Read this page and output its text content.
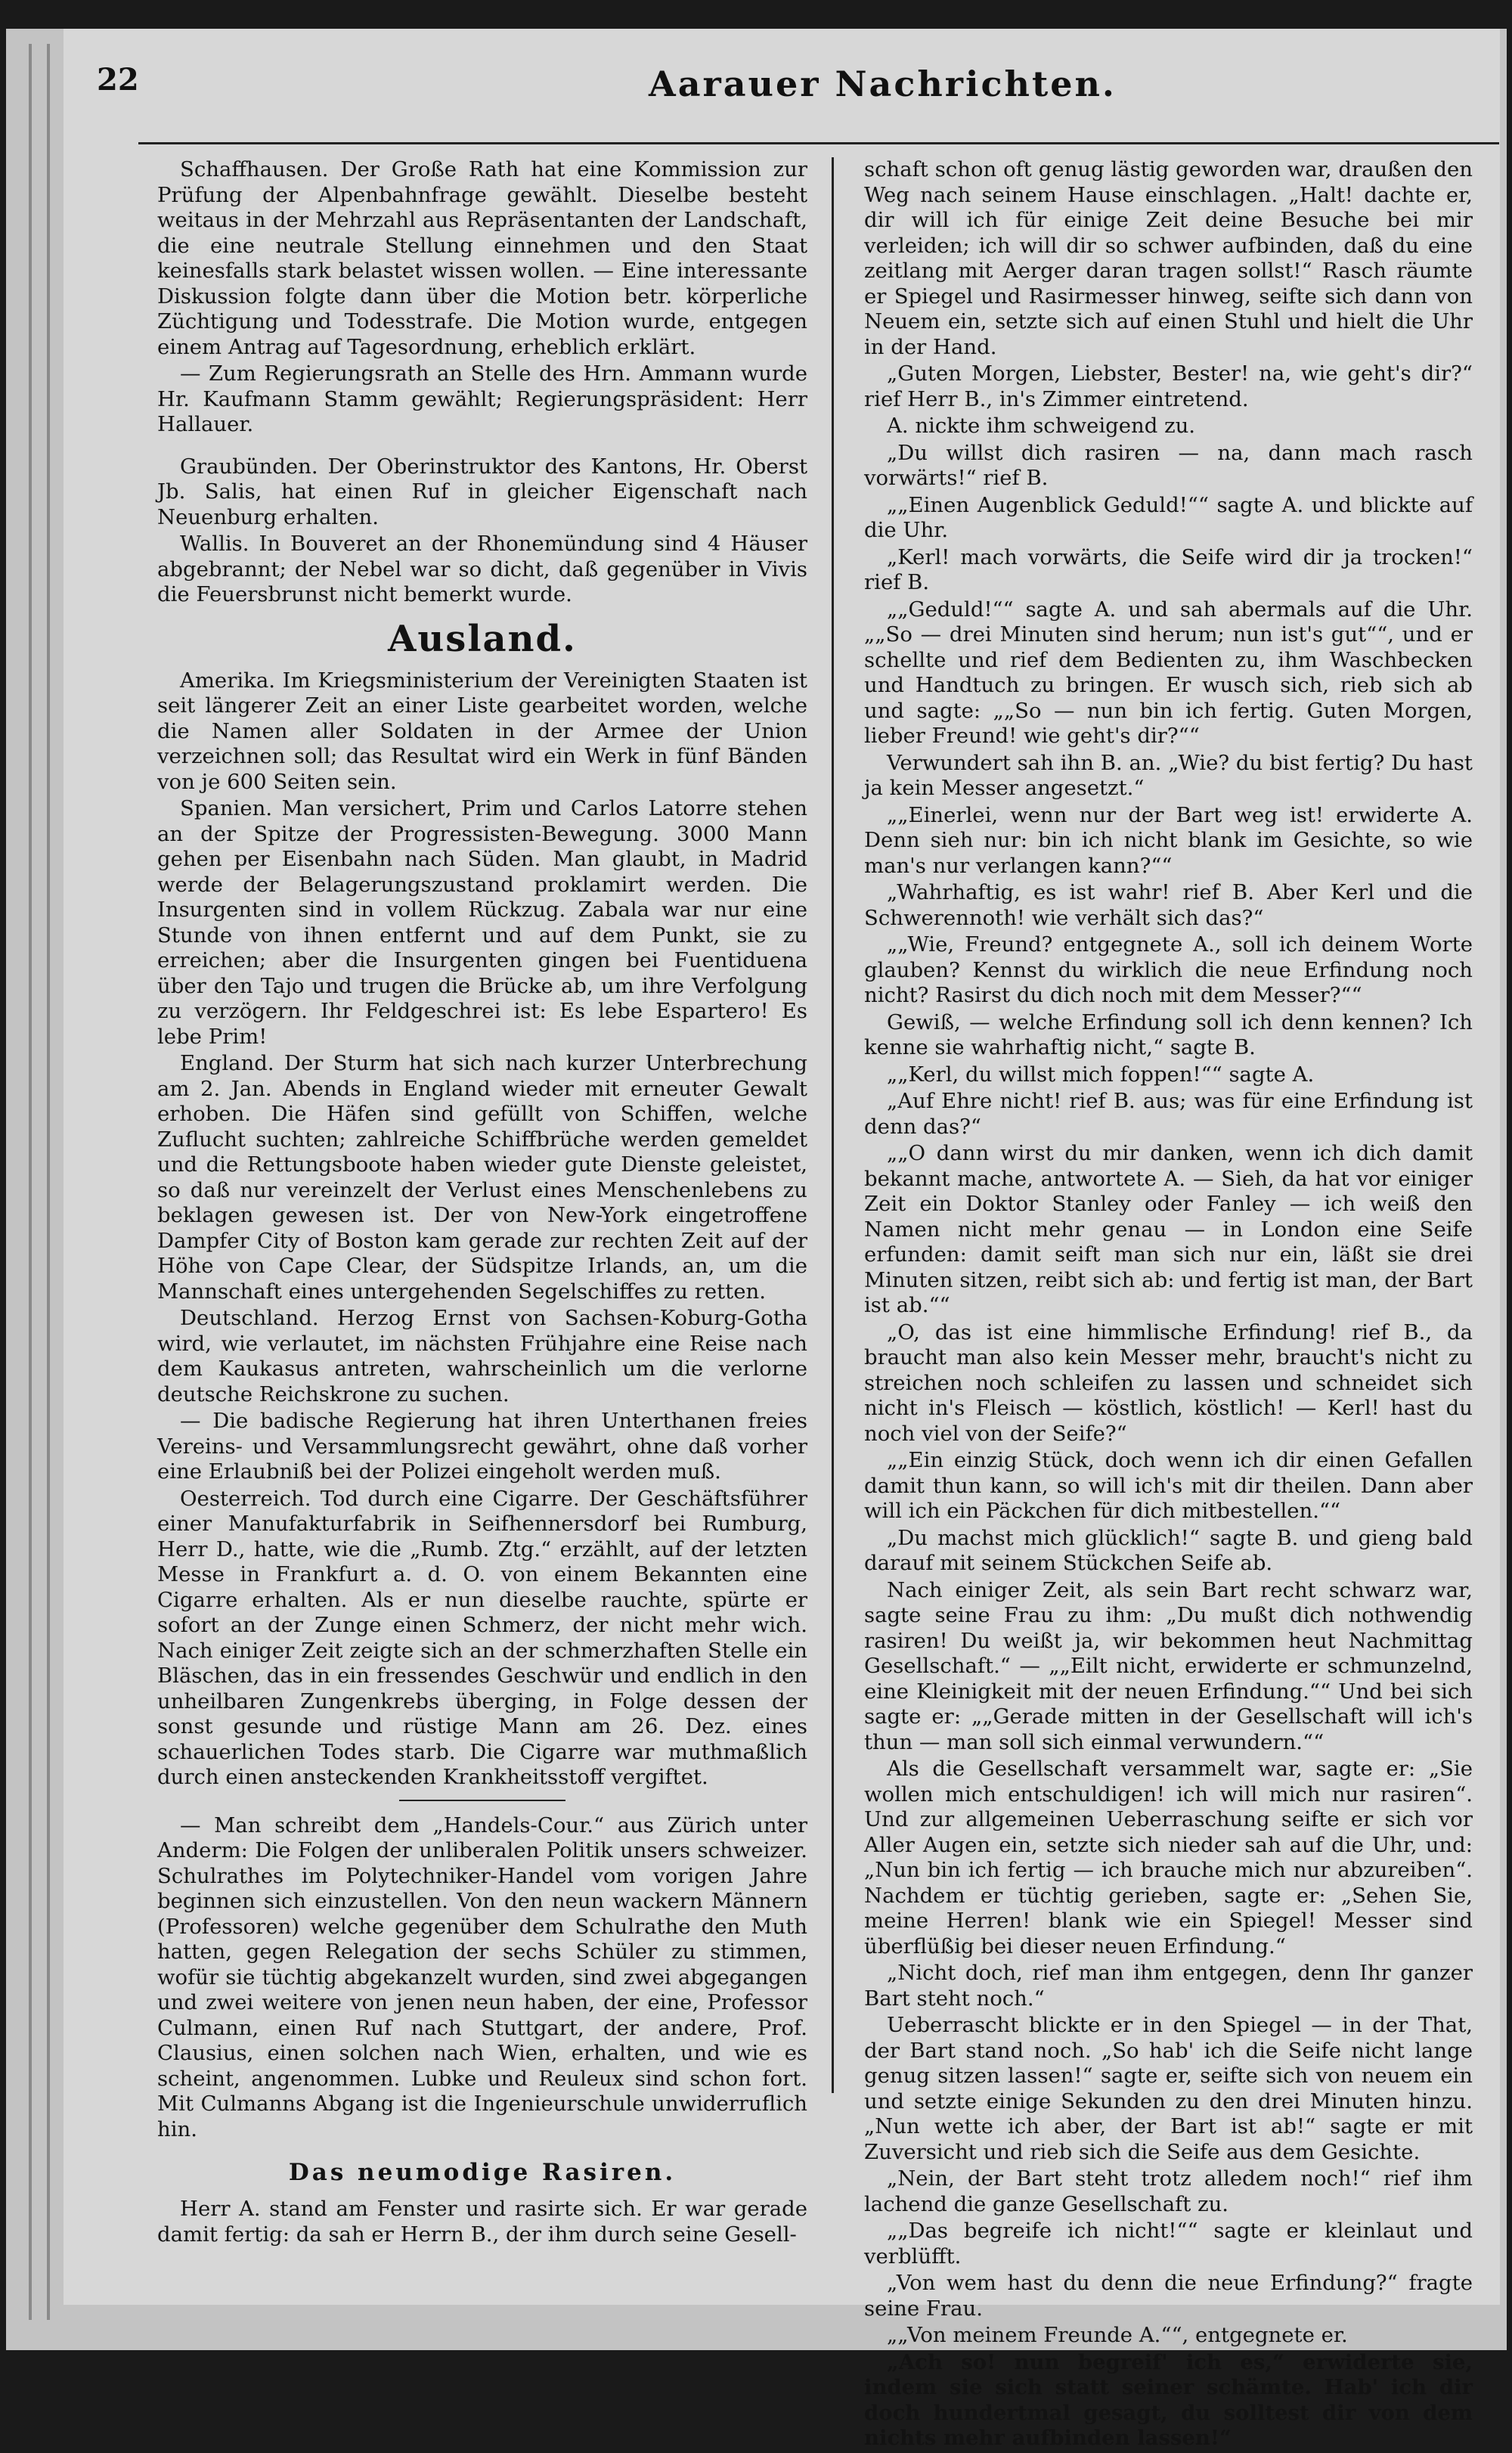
22	Aarauer Nachrichten.

Schaffhausen. Der Große Rath hat eine Kommission zur Prüfung der Alpenbahnfrage gewählt. Dieselbe besteht weitaus in der Mehrzahl aus Repräsentanten der Landschaft, die eine neutrale Stellung einnehmen und den Staat keinesfalls stark belastet wissen wollen. — Eine interessante Diskussion folgte dann über die Motion betr. körperliche Züchtigung und Todesstrafe. Die Motion wurde, entgegen einem Antrag auf Tagesordnung, erheblich erklärt.

— Zum Regierungsrath an Stelle des Hrn. Ammann wurde Hr. Kaufmann Stamm gewählt; Regierungspräsident: Herr Hallauer.

Graubünden. Der Oberinstruktor des Kantons, Hr. Oberst Jb. Salis, hat einen Ruf in gleicher Eigenschaft nach Neuenburg erhalten.

Wallis. In Bouveret an der Rhonemündung sind 4 Häuser abgebrannt; der Nebel war so dicht, daß gegenüber in Vivis die Feuersbrunst nicht bemerkt wurde.

Ausland.

Amerika. Im Kriegsministerium der Vereinigten Staaten ist seit längerer Zeit an einer Liste gearbeitet worden, welche die Namen aller Soldaten in der Armee der Union verzeichnen soll; das Resultat wird ein Werk in fünf Bänden von je 600 Seiten sein.

Spanien. Man versichert, Prim und Carlos Latorre stehen an der Spitze der Progressisten-Bewegung. 3000 Mann gehen per Eisenbahn nach Süden. Man glaubt, in Madrid werde der Belagerungszustand proklamirt werden. Die Insurgenten sind in vollem Rückzug. Zabala war nur eine Stunde von ihnen entfernt und auf dem Punkt, sie zu erreichen; aber die Insurgenten gingen bei Fuentiduena über den Tajo und trugen die Brücke ab, um ihre Verfolgung zu verzögern. Ihr Feldgeschrei ist: Es lebe Espartero! Es lebe Prim!

England. Der Sturm hat sich nach kurzer Unterbrechung am 2. Jan. Abends in England wieder mit erneuter Gewalt erhoben. Die Häfen sind gefüllt von Schiffen, welche Zuflucht suchten; zahlreiche Schiffbrüche werden gemeldet und die Rettungsboote haben wieder gute Dienste geleistet, so daß nur vereinzelt der Verlust eines Menschenlebens zu beklagen gewesen ist. Der von New-York eingetroffene Dampfer City of Boston kam gerade zur rechten Zeit auf der Höhe von Cape Clear, der Südspitze Irlands, an, um die Mannschaft eines untergehenden Segelschiffes zu retten.

Deutschland. Herzog Ernst von Sachsen-Koburg-Gotha wird, wie verlautet, im nächsten Frühjahre eine Reise nach dem Kaukasus antreten, wahrscheinlich um die verlorne deutsche Reichskrone zu suchen.

— Die badische Regierung hat ihren Unterthanen freies Vereins- und Versammlungsrecht gewährt, ohne daß vorher eine Erlaubniß bei der Polizei eingeholt werden muß.

Oesterreich. Tod durch eine Cigarre. Der Geschäftsführer einer Manufakturfabrik in Seifhennersdorf bei Rumburg, Herr D., hatte, wie die „Rumb. Ztg.“ erzählt, auf der letzten Messe in Frankfurt a. d. O. von einem Bekannten eine Cigarre erhalten. Als er nun dieselbe rauchte, spürte er sofort an der Zunge einen Schmerz, der nicht mehr wich. Nach einiger Zeit zeigte sich an der schmerzhaften Stelle ein Bläschen, das in ein fressendes Geschwür und endlich in den unheilbaren Zungenkrebs überging, in Folge dessen der sonst gesunde und rüstige Mann am 26. Dez. eines schauerlichen Todes starb. Die Cigarre war muthmaßlich durch einen ansteckenden Krankheitsstoff vergiftet.

— Man schreibt dem „Handels-Cour.“ aus Zürich unter Anderm: Die Folgen der unliberalen Politik unsers schweizer. Schulrathes im Polytechniker-Handel vom vorigen Jahre beginnen sich einzustellen. Von den neun wackern Männern (Professoren) welche gegenüber dem Schulrathe den Muth hatten, gegen Relegation der sechs Schüler zu stimmen, wofür sie tüchtig abgekanzelt wurden, sind zwei abgegangen und zwei weitere von jenen neun haben, der eine, Professor Culmann, einen Ruf nach Stuttgart, der andere, Prof. Clausius, einen solchen nach Wien, erhalten, und wie es scheint, angenommen. Lubke und Reuleux sind schon fort. Mit Culmanns Abgang ist die Ingenieurschule unwiderruflich hin.

Das neumodige Rasiren.

Herr A. stand am Fenster und rasirte sich. Er war gerade damit fertig: da sah er Herrn B., der ihm durch seine Gesell-

schaft schon oft genug lästig geworden war, draußen den Weg nach seinem Hause einschlagen. „Halt! dachte er, dir will ich für einige Zeit deine Besuche bei mir verleiden; ich will dir so schwer aufbinden, daß du eine zeitlang mit Aerger daran tragen sollst!“ Rasch räumte er Spiegel und Rasirmesser hinweg, seifte sich dann von Neuem ein, setzte sich auf einen Stuhl und hielt die Uhr in der Hand.

„Guten Morgen, Liebster, Bester! na, wie geht's dir?“ rief Herr B., in's Zimmer eintretend.

A. nickte ihm schweigend zu.

„Du willst dich rasiren — na, dann mach rasch vorwärts!“ rief B.

„„Einen Augenblick Geduld!““ sagte A. und blickte auf die Uhr.

„Kerl! mach vorwärts, die Seife wird dir ja trocken!“ rief B.

„„Geduld!““ sagte A. und sah abermals auf die Uhr. „„So — drei Minuten sind herum; nun ist's gut““, und er schellte und rief dem Bedienten zu, ihm Waschbecken und Handtuch zu bringen. Er wusch sich, rieb sich ab und sagte: „„So — nun bin ich fertig. Guten Morgen, lieber Freund! wie geht's dir?““

Verwundert sah ihn B. an. „Wie? du bist fertig? Du hast ja kein Messer angesetzt.“

„„Einerlei, wenn nur der Bart weg ist! erwiderte A. Denn sieh nur: bin ich nicht blank im Gesichte, so wie man's nur verlangen kann?““

„Wahrhaftig, es ist wahr! rief B. Aber Kerl und die Schwerennoth! wie verhält sich das?“

„„Wie, Freund? entgegnete A., soll ich deinem Worte glauben? Kennst du wirklich die neue Erfindung noch nicht? Rasirst du dich noch mit dem Messer?““

Gewiß, — welche Erfindung soll ich denn kennen? Ich kenne sie wahrhaftig nicht,“ sagte B.

„„Kerl, du willst mich foppen!““ sagte A.

„Auf Ehre nicht! rief B. aus; was für eine Erfindung ist denn das?“

„„O dann wirst du mir danken, wenn ich dich damit bekannt mache, antwortete A. — Sieh, da hat vor einiger Zeit ein Doktor Stanley oder Fanley — ich weiß den Namen nicht mehr genau — in London eine Seife erfunden: damit seift man sich nur ein, läßt sie drei Minuten sitzen, reibt sich ab: und fertig ist man, der Bart ist ab.““

„O, das ist eine himmlische Erfindung! rief B., da braucht man also kein Messer mehr, braucht's nicht zu streichen noch schleifen zu lassen und schneidet sich nicht in's Fleisch — köstlich, köstlich! — Kerl! hast du noch viel von der Seife?“

„„Ein einzig Stück, doch wenn ich dir einen Gefallen damit thun kann, so will ich's mit dir theilen. Dann aber will ich ein Päckchen für dich mitbestellen.““

„Du machst mich glücklich!“ sagte B. und gieng bald darauf mit seinem Stückchen Seife ab.

Nach einiger Zeit, als sein Bart recht schwarz war, sagte seine Frau zu ihm: „Du mußt dich nothwendig rasiren! Du weißt ja, wir bekommen heut Nachmittag Gesellschaft.“ — „„Eilt nicht, erwiderte er schmunzelnd, eine Kleinigkeit mit der neuen Erfindung.““ Und bei sich sagte er: „„Gerade mitten in der Gesellschaft will ich's thun — man soll sich einmal verwundern.““

Als die Gesellschaft versammelt war, sagte er: „Sie wollen mich entschuldigen! ich will mich nur rasiren“. Und zur allgemeinen Ueberraschung seifte er sich vor Aller Augen ein, setzte sich nieder sah auf die Uhr, und: „Nun bin ich fertig — ich brauche mich nur abzureiben“. Nachdem er tüchtig gerieben, sagte er: „Sehen Sie, meine Herren! blank wie ein Spiegel! Messer sind überflüßig bei dieser neuen Erfindung.“

„Nicht doch, rief man ihm entgegen, denn Ihr ganzer Bart steht noch.“

Ueberrascht blickte er in den Spiegel — in der That, der Bart stand noch. „So hab' ich die Seife nicht lange genug sitzen lassen!“ sagte er, seifte sich von neuem ein und setzte einige Sekunden zu den drei Minuten hinzu. „Nun wette ich aber, der Bart ist ab!“ sagte er mit Zuversicht und rieb sich die Seife aus dem Gesichte.

„Nein, der Bart steht trotz alledem noch!“ rief ihm lachend die ganze Gesellschaft zu.

„„Das begreife ich nicht!““ sagte er kleinlaut und verblüfft.

„Von wem hast du denn die neue Erfindung?“ fragte seine Frau.

„„Von meinem Freunde A.““, entgegnete er.

„Ach so! nun begreif' ich es,“ erwiderte sie, indem sie sich statt seiner schämte. Hab' ich dir doch hundertmal gesagt, du solltest dir von dem nichts mehr aufbinden lassen!“
